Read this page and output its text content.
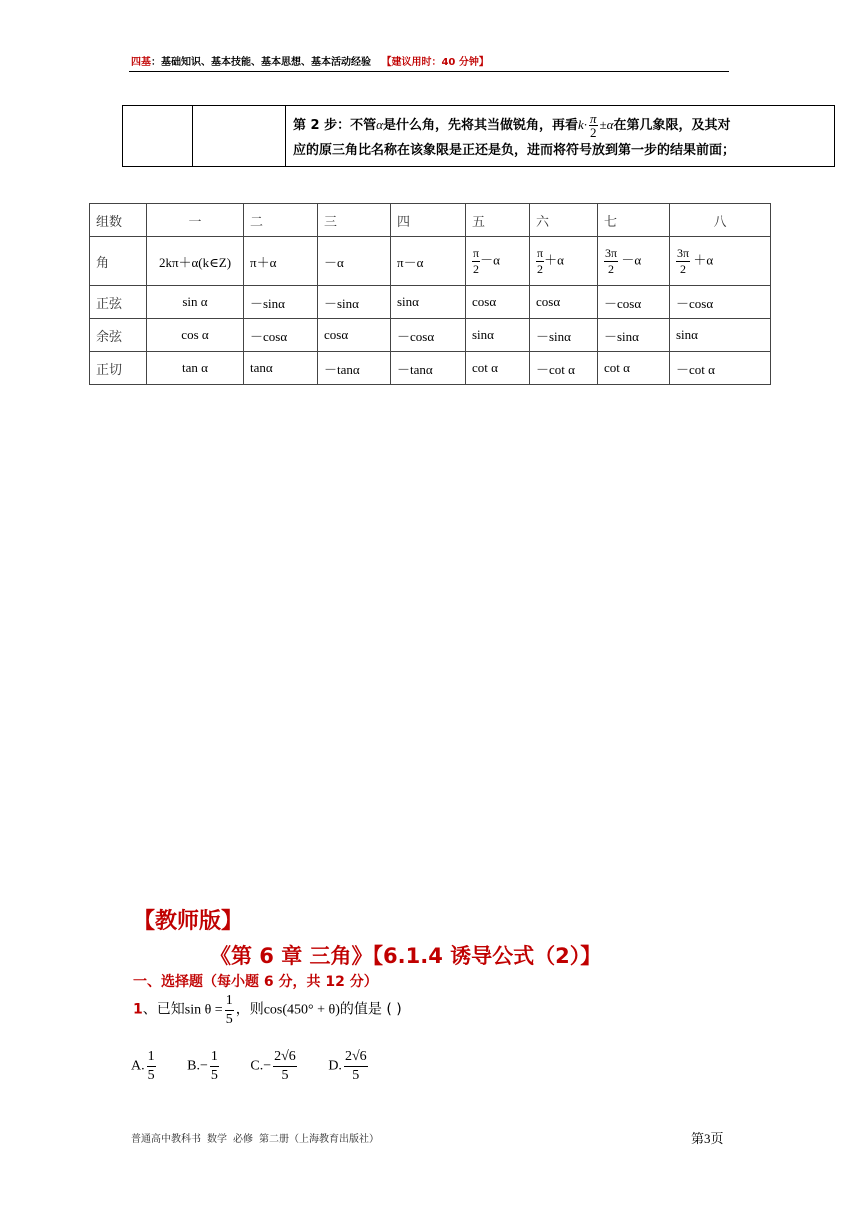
四基：基础知识、基本技能、基本思想、基本活动经验 【建议用时：40 分钟】

第 2 步：不管α是什么角，先将其当做锐角，再看$k\cdot \frac{\pi}{2} \pm\alpha$在第几象限，及其对
应的原三角比名称在该象限是正还是负，进而将符号放到第一步的结果前面；
组数	一	二	三	四	五	六	七	八
角	2kπ＋α(k∈Z)	π＋α	－α	π－α	$\frac{\pi}{2} -\alpha$	$\frac{\pi}{2} +\alpha$	$\frac{3\pi}{2} -\alpha$	$\frac{3\pi}{2} +\alpha$
正弦	sin α	－sinα	－sinα	sinα	cosα	cosα	－cosα	－cosα
余弦	cos α	－cosα	cosα	－cosα	sinα	－sinα	－sinα	sinα
正切	tan α	tanα	－tanα	－tanα	cot α	－cot α	cot α	－cot α
【教师版】
《第 6 章 三角》【6.1.4 诱导公式（2）】
一、选择题（每小题 6 分，共 12 分）
1、已知$\sin \theta = \frac{1}{5}$ ，则cos(450° + θ)的值是 ( )
A. $\frac{1}{5} B.- \frac{1}{5} C.- \frac{2√6}{5} D$. $\frac{2√6}{5}$
普通高中教科书 数学 必修 第二册（上海教育出版社）	第3页
